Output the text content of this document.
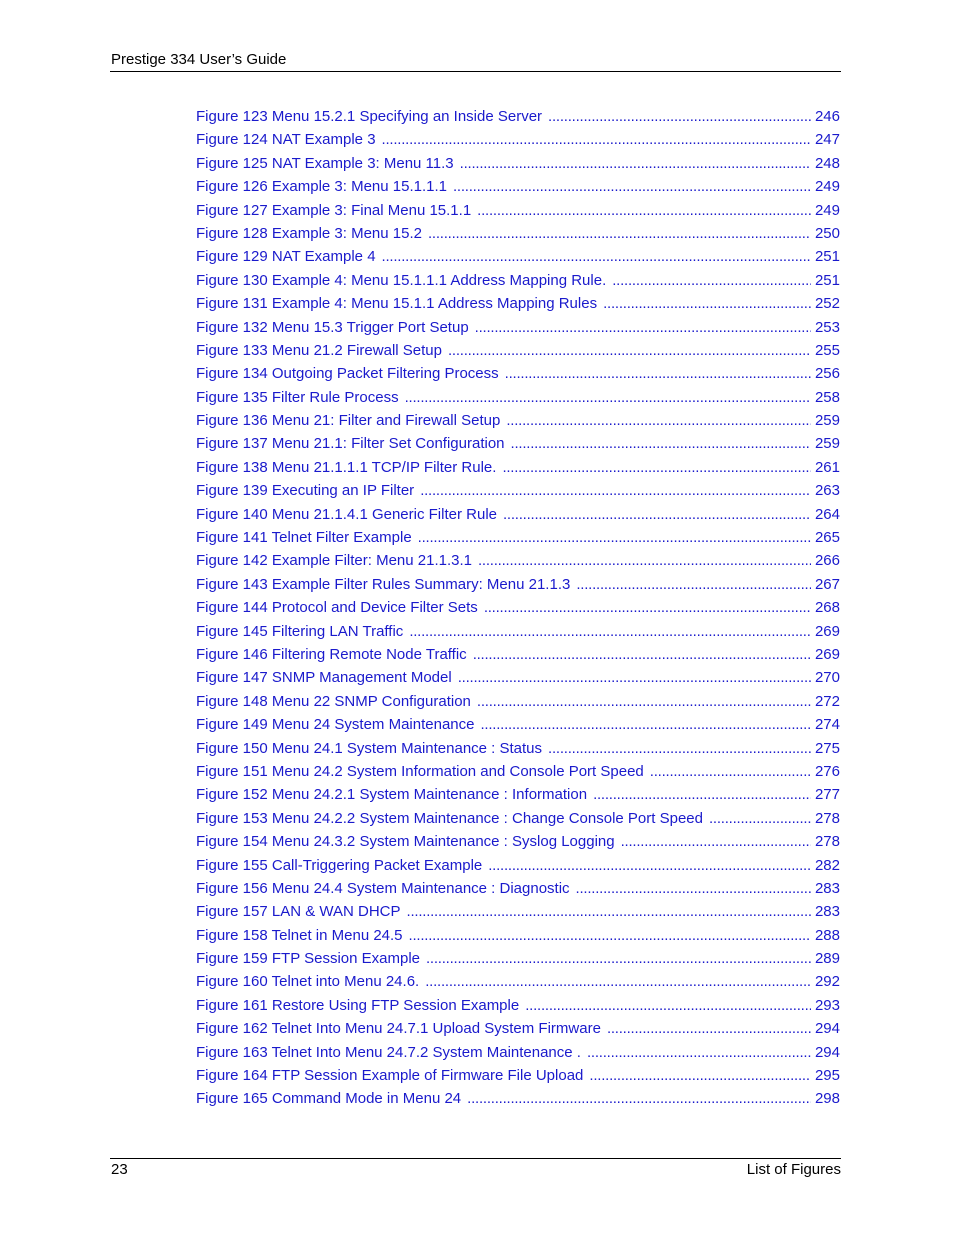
Prestige 334 User’s Guide
Figure 123 Menu 15.2.1 Specifying an Inside Server . . .	246
Figure 124 NAT Example 3 . . .	247
Figure 125 NAT Example 3: Menu 11.3 . . .	248
Figure 126 Example 3: Menu 15.1.1.1 . . .	249
Figure 127 Example 3: Final Menu 15.1.1 . . .	249
Figure 128 Example 3: Menu 15.2 . . .	250
Figure 129 NAT Example 4 . . .	251
Figure 130 Example 4: Menu 15.1.1.1 Address Mapping Rule. . . .	251
Figure 131 Example 4: Menu 15.1.1 Address Mapping Rules . . .	252
Figure 132 Menu 15.3 Trigger Port Setup . . .	253
Figure 133 Menu 21.2 Firewall Setup . . .	255
Figure 134 Outgoing Packet Filtering Process . . .	256
Figure 135 Filter Rule Process . . .	258
Figure 136 Menu 21: Filter and Firewall Setup . . .	259
Figure 137 Menu 21.1: Filter Set Configuration . . .	259
Figure 138 Menu 21.1.1.1 TCP/IP Filter Rule. . . .	261
Figure 139 Executing an IP Filter . . .	263
Figure 140 Menu 21.1.4.1 Generic Filter Rule . . .	264
Figure 141 Telnet Filter Example . . .	265
Figure 142 Example Filter: Menu 21.1.3.1 . . .	266
Figure 143 Example Filter Rules Summary: Menu 21.1.3 . . .	267
Figure 144 Protocol and Device Filter Sets . . .	268
Figure 145 Filtering LAN Traffic . . .	269
Figure 146 Filtering Remote Node Traffic . . .	269
Figure 147 SNMP Management Model . . .	270
Figure 148 Menu 22 SNMP Configuration . . .	272
Figure 149 Menu 24 System Maintenance . . .	274
Figure 150 Menu 24.1 System Maintenance : Status . . .	275
Figure 151 Menu 24.2 System Information and Console Port Speed . . .	276
Figure 152 Menu 24.2.1 System Maintenance : Information . . .	277
Figure 153 Menu 24.2.2 System Maintenance : Change Console Port Speed . . .	278
Figure 154 Menu 24.3.2 System Maintenance : Syslog Logging . . .	278
Figure 155 Call-Triggering Packet Example . . .	282
Figure 156 Menu 24.4 System Maintenance : Diagnostic . . .	283
Figure 157 LAN & WAN DHCP . . .	283
Figure 158 Telnet in Menu 24.5 . . .	288
Figure 159 FTP Session Example . . .	289
Figure 160 Telnet into Menu 24.6. . . .	292
Figure 161 Restore Using FTP Session Example . . .	293
Figure 162 Telnet Into Menu 24.7.1 Upload System Firmware . . .	294
Figure 163 Telnet Into Menu 24.7.2 System Maintenance . . . .	294
Figure 164 FTP Session Example of Firmware File Upload . . .	295
Figure 165 Command Mode in Menu 24 . . .	298
23	List of Figures
